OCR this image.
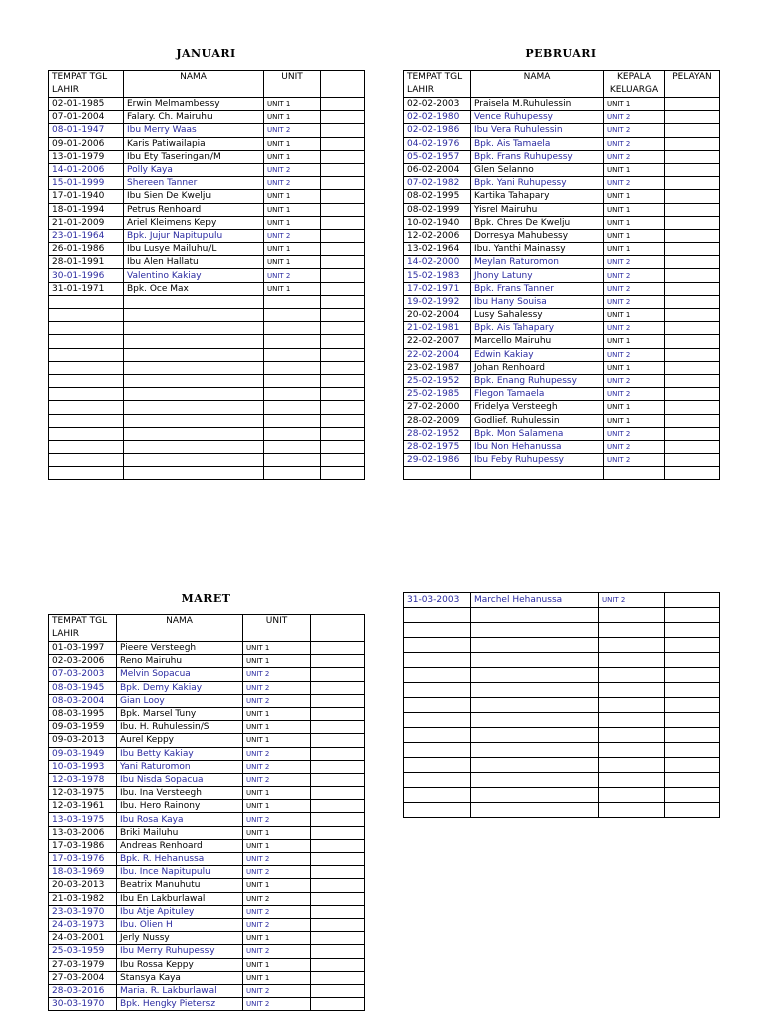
JANUARI
TEMPAT TGL LAHIR	NAMA	UNIT	
02-01-1985	Erwin Melmambessy	UNIT 1	
07-01-2004	Falary. Ch. Mairuhu	UNIT 1	
08-01-1947	Ibu Merry Waas	UNIT 2	
09-01-2006	Karis Patiwailapia	UNIT 1	
13-01-1979	Ibu Ety Taseringan/M	UNIT 1	
14-01-2006	Polly Kaya	UNIT 2	
15-01-1999	Shereen Tanner	UNIT 2	
17-01-1940	Ibu Sien De Kwelju	UNIT 1	
18-01-1994	Petrus Renhoard	UNIT 1	
21-01-2009	Ariel Kleimens Kepy	UNIT 1	
23-01-1964	Bpk. Jujur Napitupulu	UNIT 2	
26-01-1986	Ibu Lusye Mailuhu/L	UNIT 1	
28-01-1991	Ibu Alen Hallatu	UNIT 1	
30-01-1996	Valentino Kakiay	UNIT 2	
31-01-1971	Bpk. Oce Max	UNIT 1	

PEBRUARI
TEMPAT TGL LAHIR	NAMA	KEPALA KELUARGA	PELAYAN
02-02-2003	Praisela M.Ruhulessin	UNIT 1	
02-02-1980	Vence Ruhupessy	UNIT 2	
02-02-1986	Ibu Vera Ruhulessin	UNIT 2	
04-02-1976	Bpk. Ais Tamaela	UNIT 2	
05-02-1957	Bpk. Frans Ruhupessy	UNIT 2	
06-02-2004	Glen Selanno	UNIT 1	
07-02-1982	Bpk. Yani Ruhupessy	UNIT 2	
08-02-1995	Kartika Tahapary	UNIT 1	
08-02-1999	Yisrel Mairuhu	UNIT 1	
10-02-1940	Bpk. Chres De Kwelju	UNIT 1	
12-02-2006	Dorresya Mahubessy	UNIT 1	
13-02-1964	Ibu. Yanthi Mainassy	UNIT 1	
14-02-2000	Meylan Raturomon	UNIT 2	
15-02-1983	Jhony Latuny	UNIT 2	
17-02-1971	Bpk. Frans Tanner	UNIT 2	
19-02-1992	Ibu Hany Souisa	UNIT 2	
20-02-2004	Lusy Sahalessy	UNIT 1	
21-02-1981	Bpk. Ais Tahapary	UNIT 2	
22-02-2007	Marcello Mairuhu	UNIT 1	
22-02-2004	Edwin Kakiay	UNIT 2	
23-02-1987	Johan Renhoard	UNIT 1	
25-02-1952	Bpk. Enang Ruhupessy	UNIT 2	
25-02-1985	Flegon Tamaela	UNIT 2	
27-02-2000	Fridelya Versteegh	UNIT 1	
28-02-2009	Godlief. Ruhulessin	UNIT 1	
28-02-1952	Bpk. Mon Salamena	UNIT 2	
28-02-1975	Ibu Non Hehanussa	UNIT 2	
29-02-1986	Ibu Feby Ruhupessy	UNIT 2	

MARET
TEMPAT TGL LAHIR	NAMA	UNIT	
01-03-1997	Pieere Versteegh	UNIT 1	
02-03-2006	Reno Mairuhu	UNIT 1	
07-03-2003	Melvin Sopacua	UNIT 2	
08-03-1945	Bpk. Demy Kakiay	UNIT 2	
08-03-2004	Gian Looy	UNIT 2	
08-03-1995	Bpk. Marsel Tuny	UNIT 1	
09-03-1959	Ibu. H. Ruhulessin/S	UNIT 1	
09-03-2013	Aurel Keppy	UNIT 1	
09-03-1949	Ibu Betty Kakiay	UNIT 2	
10-03-1993	Yani Raturomon	UNIT 2	
12-03-1978	Ibu Nisda Sopacua	UNIT 2	
12-03-1975	Ibu. Ina Versteegh	UNIT 1	
12-03-1961	Ibu. Hero Rainony	UNIT 1	
13-03-1975	Ibu Rosa Kaya	UNIT 2	
13-03-2006	Briki Mailuhu	UNIT 1	
17-03-1986	Andreas Renhoard	UNIT 1	
17-03-1976	Bpk. R. Hehanussa	UNIT 2	
18-03-1969	Ibu. Ince Napitupulu	UNIT 2	
20-03-2013	Beatrix Manuhutu	UNIT 1	
21-03-1982	Ibu En Lakburlawal	UNIT 2	
23-03-1970	Ibu Atje Apituley	UNIT 2	
24-03-1973	Ibu. Olien H	UNIT 2	
24-03-2001	Jerly Nussy	UNIT 1	
25-03-1959	Ibu Merry Ruhupessy	UNIT 2	
27-03-1979	Ibu Rossa Keppy	UNIT 1	
27-03-2004	Stansya Kaya	UNIT 1	
28-03-2016	Maria. R. Lakburlawal	UNIT 2	
30-03-1970	Bpk. Hengky Pietersz	UNIT 2	
31-03-2003	Marchel Hehanussa	UNIT 2	
